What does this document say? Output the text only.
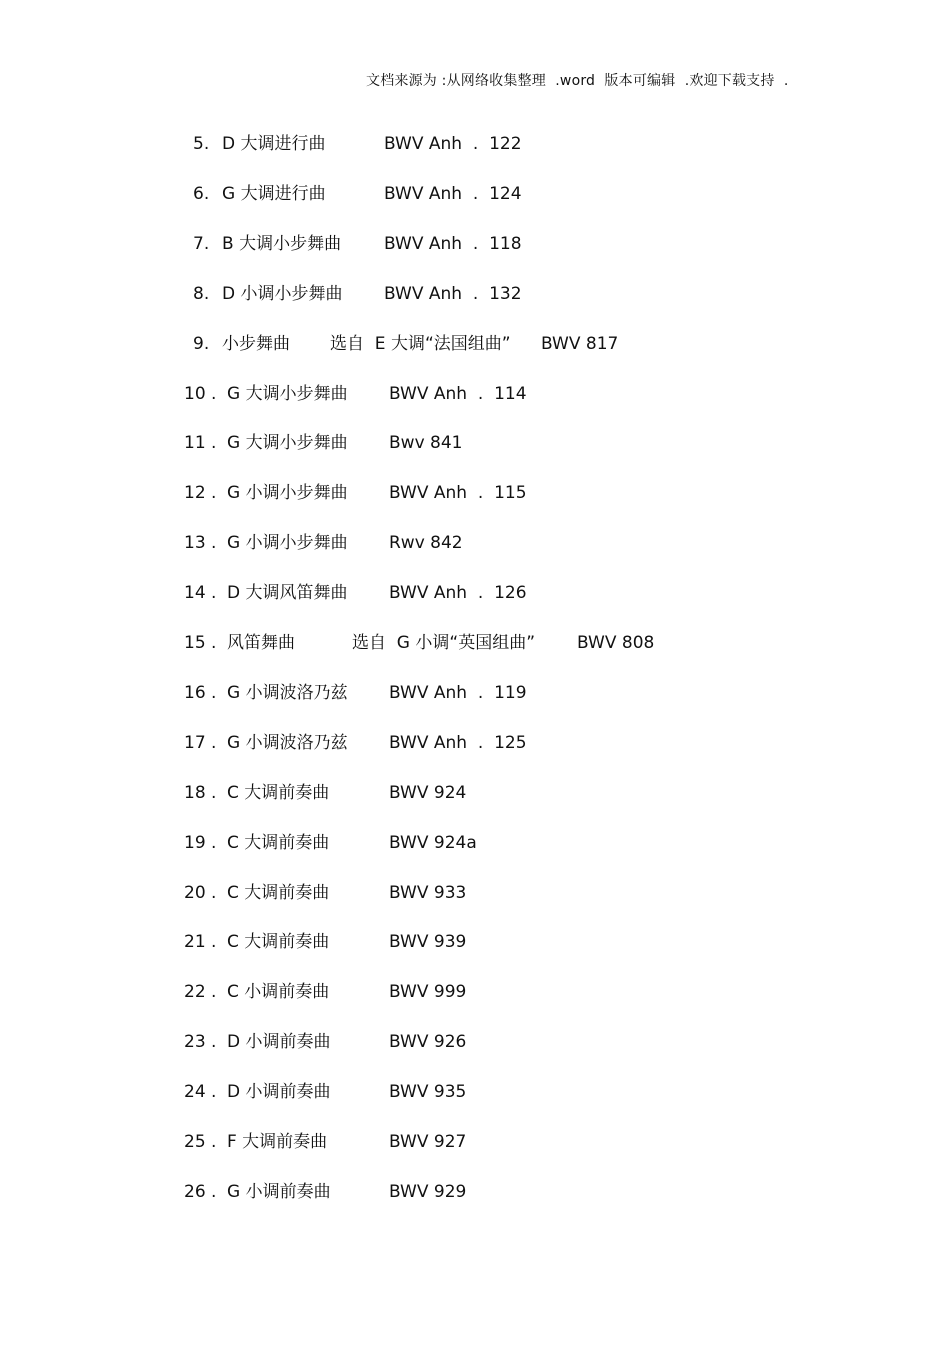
文档来源为 :从网络收集整理  .word  版本可编辑  .欢迎下载支持  .
5. D 大调进行曲	BWV Anh  .  122
6. G 大调进行曲	BWV Anh  .  124
7. B 大调小步舞曲	BWV Anh  .  118
8. D 小调小步舞曲 BWV Anh  .  132
9. 小步舞曲 选自  E 大调“法国组曲” BWV 817
10 . G 大调小步舞曲 BWV Anh  .  114
11 . G 大调小步舞曲 Bwv 841
12 . G 小调小步舞曲 BWV Anh  .  115
13 . G 小调小步舞曲 Rwv 842
14 . D 大调风笛舞曲 BWV Anh  .  126
15 . 风笛舞曲	选自  G 小调“英国组曲” BWV 808
16 . G 小调波洛乃兹 BWV Anh  .  119
17 . G 小调波洛乃兹 BWV Anh  .  125
18 . C 大调前奏曲	BWV 924
19 . C 大调前奏曲	BWV 924a
20 . C 大调前奏曲	BWV 933
21 . C 大调前奏曲	BWV 939
22 . C 小调前奏曲	BWV 999
23 . D 小调前奏曲	BWV 926
24 . D 小调前奏曲	BWV 935
25 . F 大调前奏曲	BWV 927
26 . G 小调前奏曲	BWV 929
